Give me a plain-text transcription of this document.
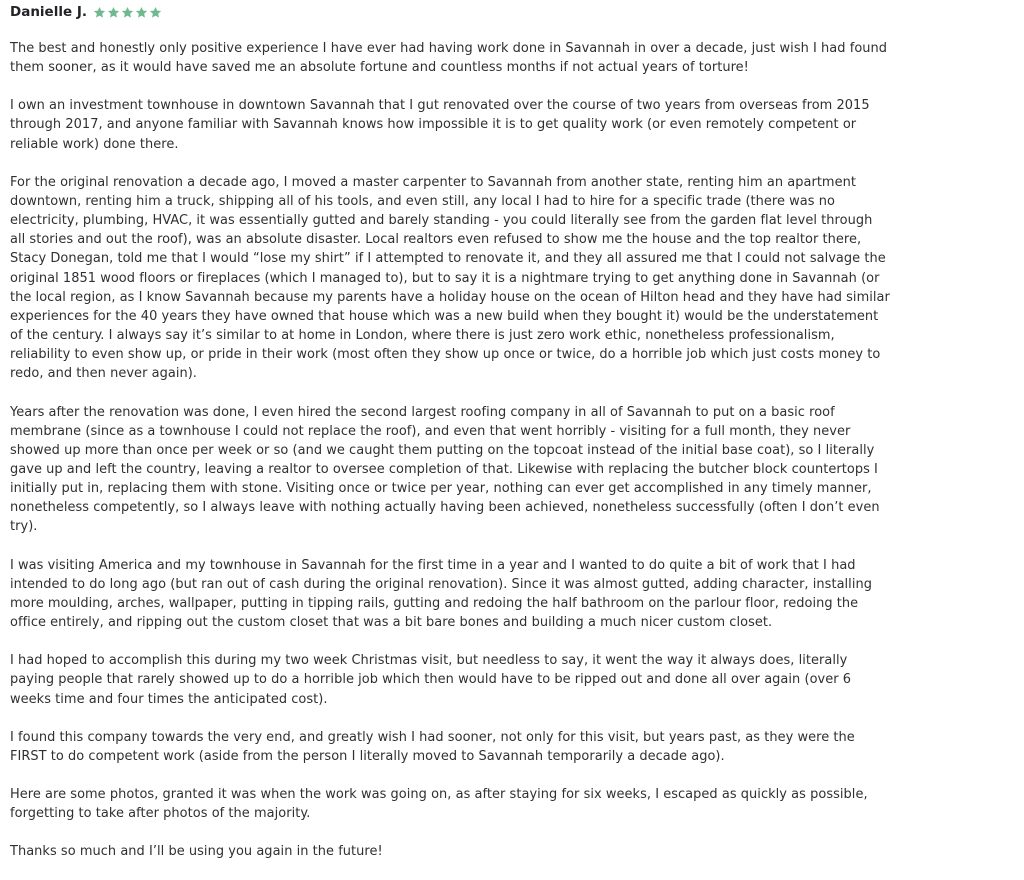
Danielle J.

The best and honestly only positive experience I have ever had having work done in Savannah in over a decade, just wish I had found them sooner, as it would have saved me an absolute fortune and countless months if not actual years of torture!

I own an investment townhouse in downtown Savannah that I gut renovated over the course of two years from overseas from 2015 through 2017, and anyone familiar with Savannah knows how impossible it is to get quality work (or even remotely competent or reliable work) done there.

For the original renovation a decade ago, I moved a master carpenter to Savannah from another state, renting him an apartment downtown, renting him a truck, shipping all of his tools, and even still, any local I had to hire for a specific trade (there was no electricity, plumbing, HVAC, it was essentially gutted and barely standing - you could literally see from the garden flat level through all stories and out the roof), was an absolute disaster. Local realtors even refused to show me the house and the top realtor there, Stacy Donegan, told me that I would “lose my shirt” if I attempted to renovate it, and they all assured me that I could not salvage the original 1851 wood floors or fireplaces (which I managed to), but to say it is a nightmare trying to get anything done in Savannah (or the local region, as I know Savannah because my parents have a holiday house on the ocean of Hilton head and they have had similar experiences for the 40 years they have owned that house which was a new build when they bought it) would be the understatement of the century. I always say it’s similar to at home in London, where there is just zero work ethic, nonetheless professionalism, reliability to even show up, or pride in their work (most often they show up once or twice, do a horrible job which just costs money to redo, and then never again).

Years after the renovation was done, I even hired the second largest roofing company in all of Savannah to put on a basic roof membrane (since as a townhouse I could not replace the roof), and even that went horribly - visiting for a full month, they never showed up more than once per week or so (and we caught them putting on the topcoat instead of the initial base coat), so I literally gave up and left the country, leaving a realtor to oversee completion of that. Likewise with replacing the butcher block countertops I initially put in, replacing them with stone. Visiting once or twice per year, nothing can ever get accomplished in any timely manner, nonetheless competently, so I always leave with nothing actually having been achieved, nonetheless successfully (often I don’t even try).

I was visiting America and my townhouse in Savannah for the first time in a year and I wanted to do quite a bit of work that I had intended to do long ago (but ran out of cash during the original renovation). Since it was almost gutted, adding character, installing more moulding, arches, wallpaper, putting in tipping rails, gutting and redoing the half bathroom on the parlour floor, redoing the office entirely, and ripping out the custom closet that was a bit bare bones and building a much nicer custom closet.

I had hoped to accomplish this during my two week Christmas visit, but needless to say, it went the way it always does, literally paying people that rarely showed up to do a horrible job which then would have to be ripped out and done all over again (over 6 weeks time and four times the anticipated cost).

I found this company towards the very end, and greatly wish I had sooner, not only for this visit, but years past, as they were the FIRST to do competent work (aside from the person I literally moved to Savannah temporarily a decade ago).

Here are some photos, granted it was when the work was going on, as after staying for six weeks, I escaped as quickly as possible, forgetting to take after photos of the majority.

Thanks so much and I’ll be using you again in the future!
